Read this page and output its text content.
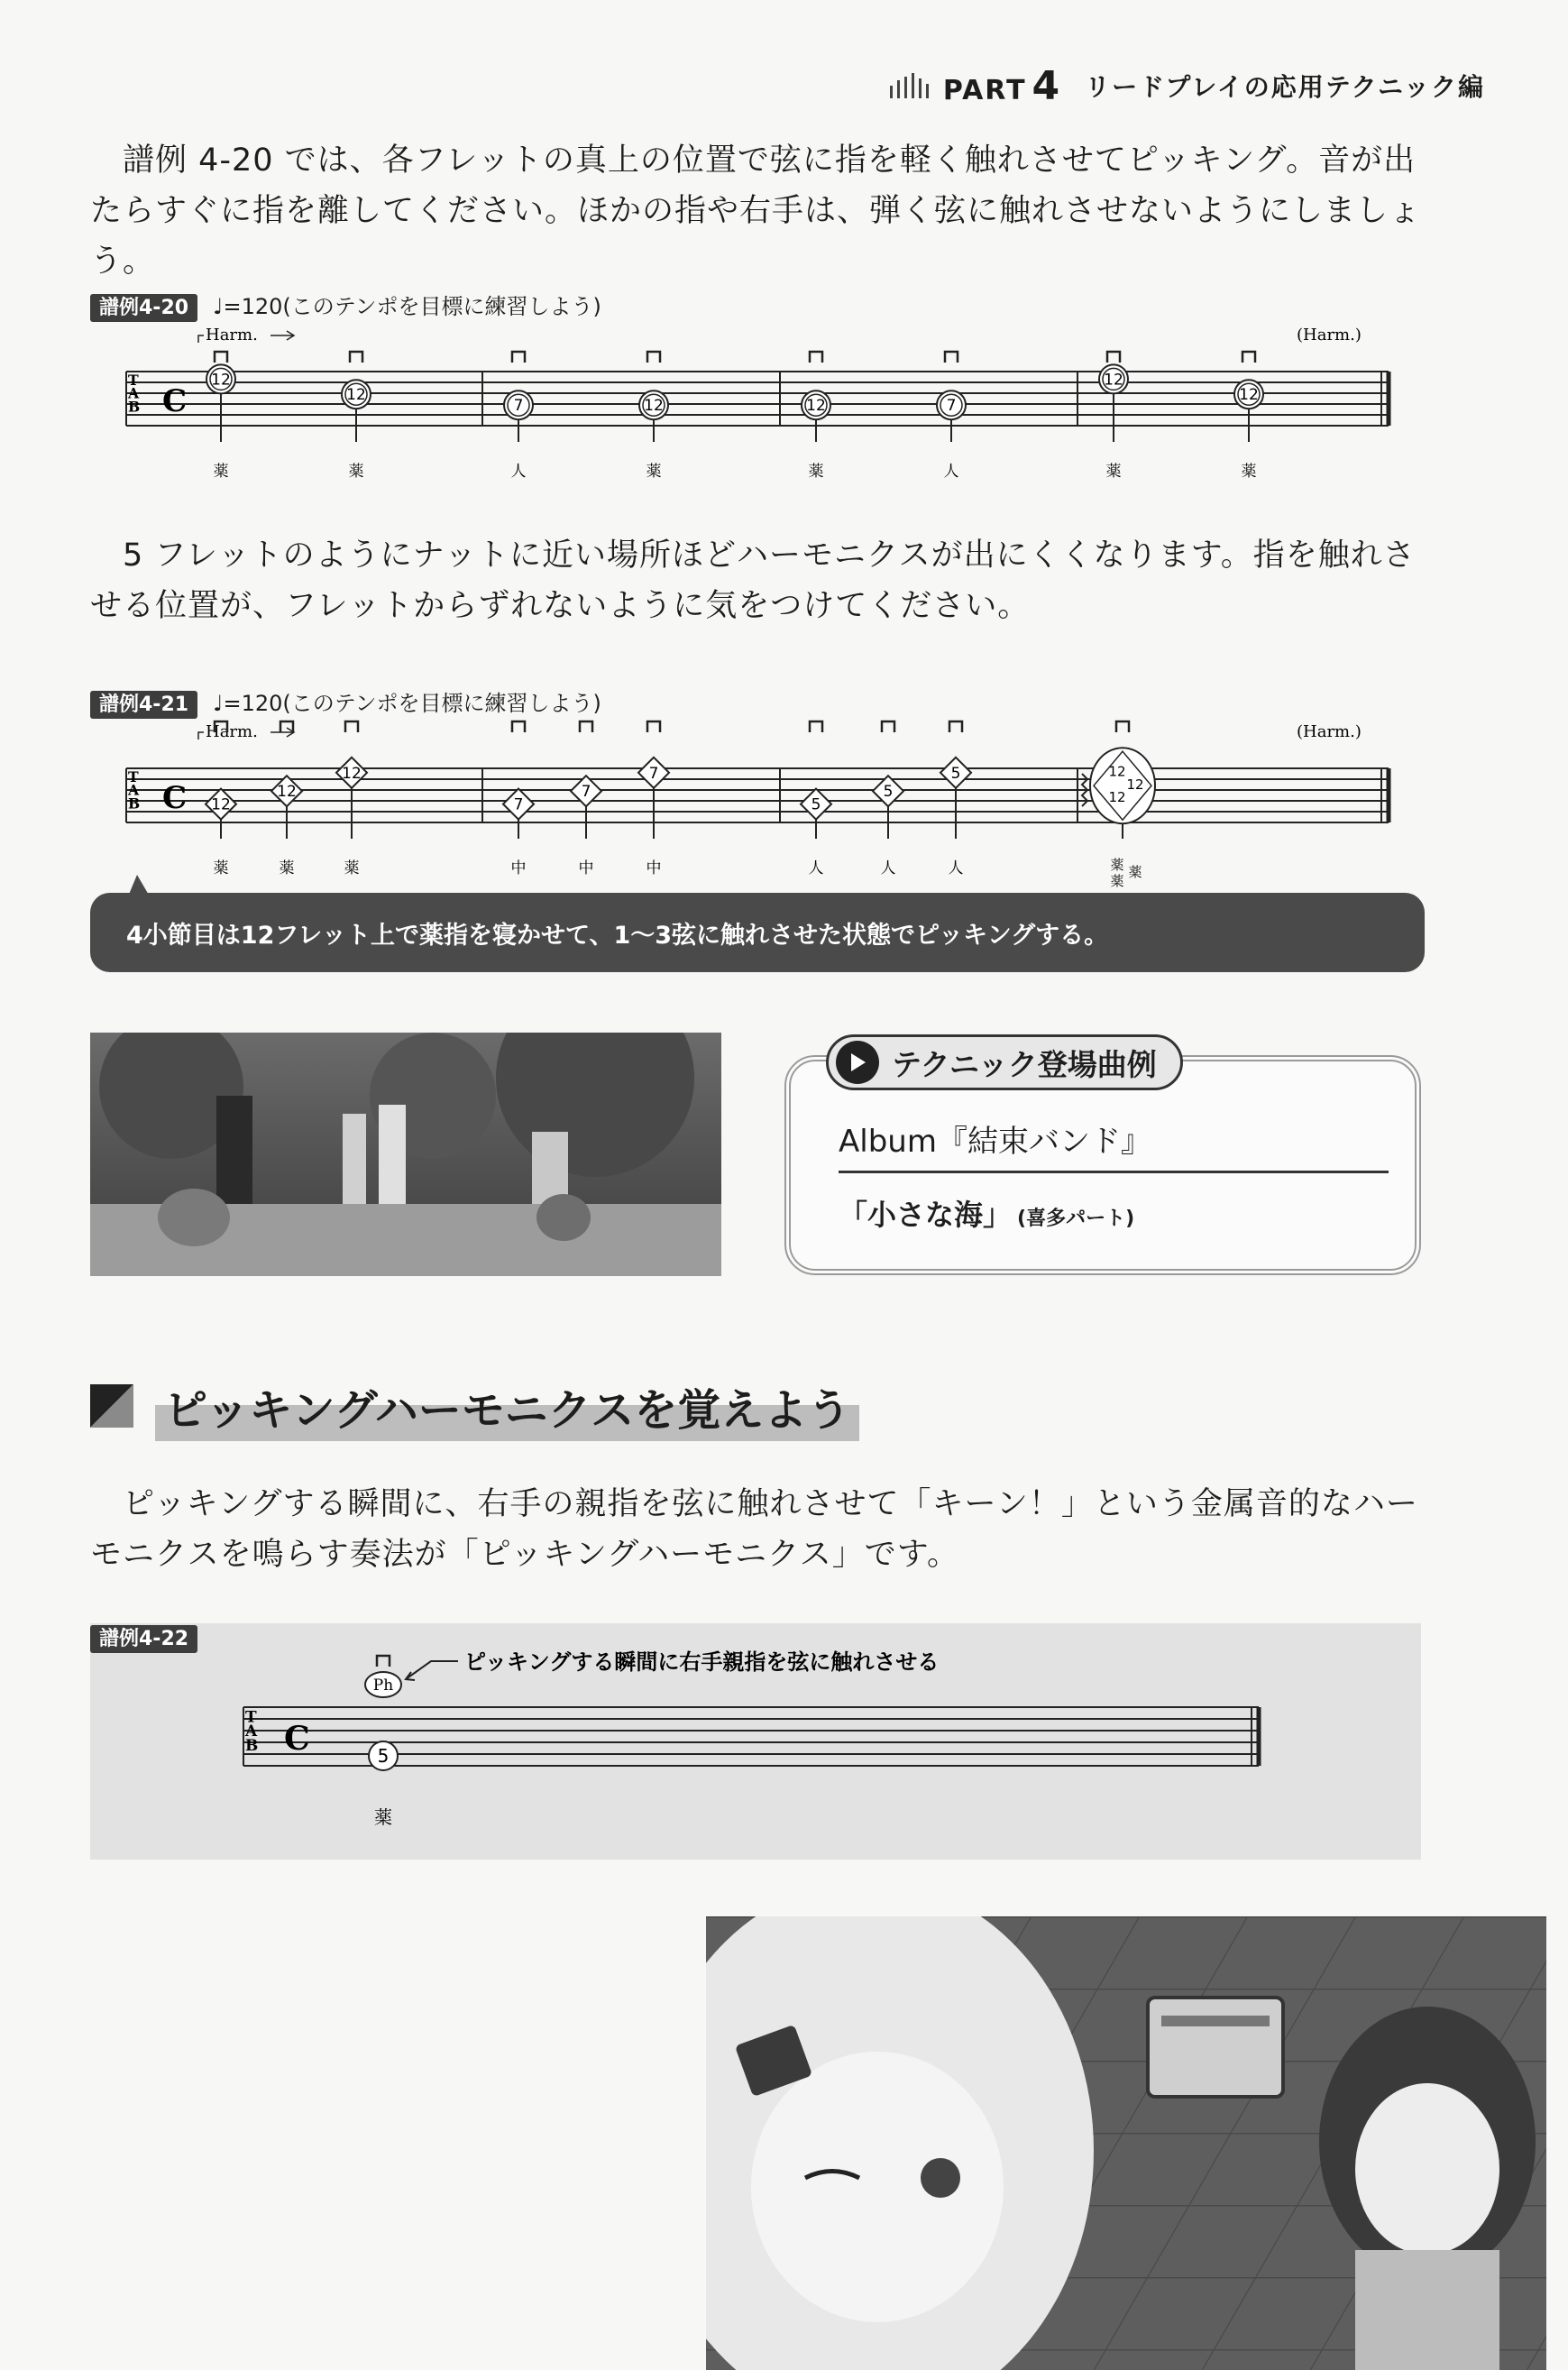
PART 4 リードプレイの応用テクニック編
譜例 4-20 では、各フレットの真上の位置で弦に指を軽く触れさせてピッキング。音が出たらすぐに指を離してください。ほかの指や右手は、弾く弦に触れさせないようにしましょう。
譜例4-20 ♩=120(このテンポを目標に練習しよう)
T
A
B C
Harm.	(Harm.)
12
薬
12
薬
7
人
12
薬
12
薬
7
人
12
薬
12
薬
5 フレットのようにナットに近い場所ほどハーモニクスが出にくくなります。指を触れさせる位置が、フレットからずれないように気をつけてください。
譜例4-21 ♩=120(このテンポを目標に練習しよう)
T
A
B C
Harm.	(Harm.)
12
薬
12
薬
12
薬
7
中
7
中
7
中
5
人
5
人
5
人
12
12
12
薬 薬
薬
4小節目は12フレット上で薬指を寝かせて、1～3弦に触れさせた状態でピッキングする。
テクニック登場曲例
Album『結束バンド』
「小さな海」 (喜多パート)
ピッキングハーモニクスを覚えよう
ピッキングする瞬間に、右手の親指を弦に触れさせて「キーン！」という金属音的なハーモニクスを鳴らす奏法が「ピッキングハーモニクス」です。
譜例4-22
T
A
B C
Ph
ピッキングする瞬間に右手親指を弦に触れさせる
5
薬
